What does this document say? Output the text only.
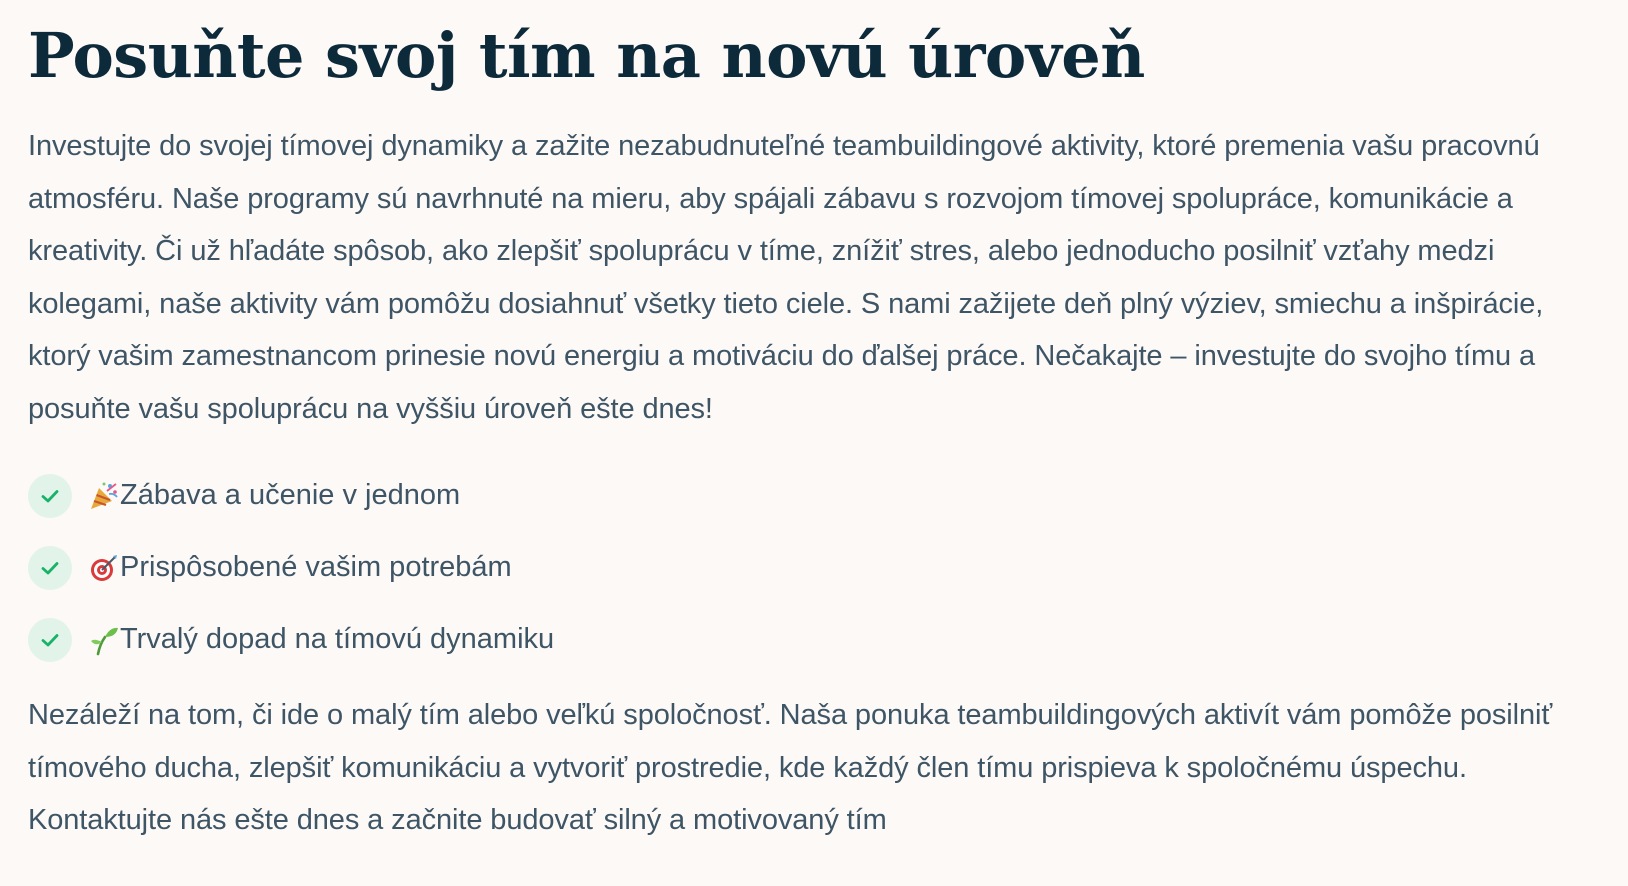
Posuňte svoj tím na novú úroveň

Investujte do svojej tímovej dynamiky a zažite nezabudnuteľné teambuildingové aktivity, ktoré premenia vašu pracovnú atmosféru. Naše programy sú navrhnuté na mieru, aby spájali zábavu s rozvojom tímovej spolupráce, komunikácie a kreativity. Či už hľadáte spôsob, ako zlepšiť spoluprácu v tíme, znížiť stres, alebo jednoducho posilniť vzťahy medzi kolegami, naše aktivity vám pomôžu dosiahnuť všetky tieto ciele. S nami zažijete deň plný výziev, smiechu a inšpirácie, ktorý vašim zamestnancom prinesie novú energiu a motiváciu do ďalšej práce. Nečakajte – investujte do svojho tímu a posuňte vašu spoluprácu na vyššiu úroveň ešte dnes!

Zábava a učenie v jednom
Prispôsobené vašim potrebám
Trvalý dopad na tímovú dynamiku

Nezáleží na tom, či ide o malý tím alebo veľkú spoločnosť. Naša ponuka teambuildingových aktivít vám pomôže posilniť tímového ducha, zlepšiť komunikáciu a vytvoriť prostredie, kde každý člen tímu prispieva k spoločnému úspechu. Kontaktujte nás ešte dnes a začnite budovať silný a motivovaný tím
